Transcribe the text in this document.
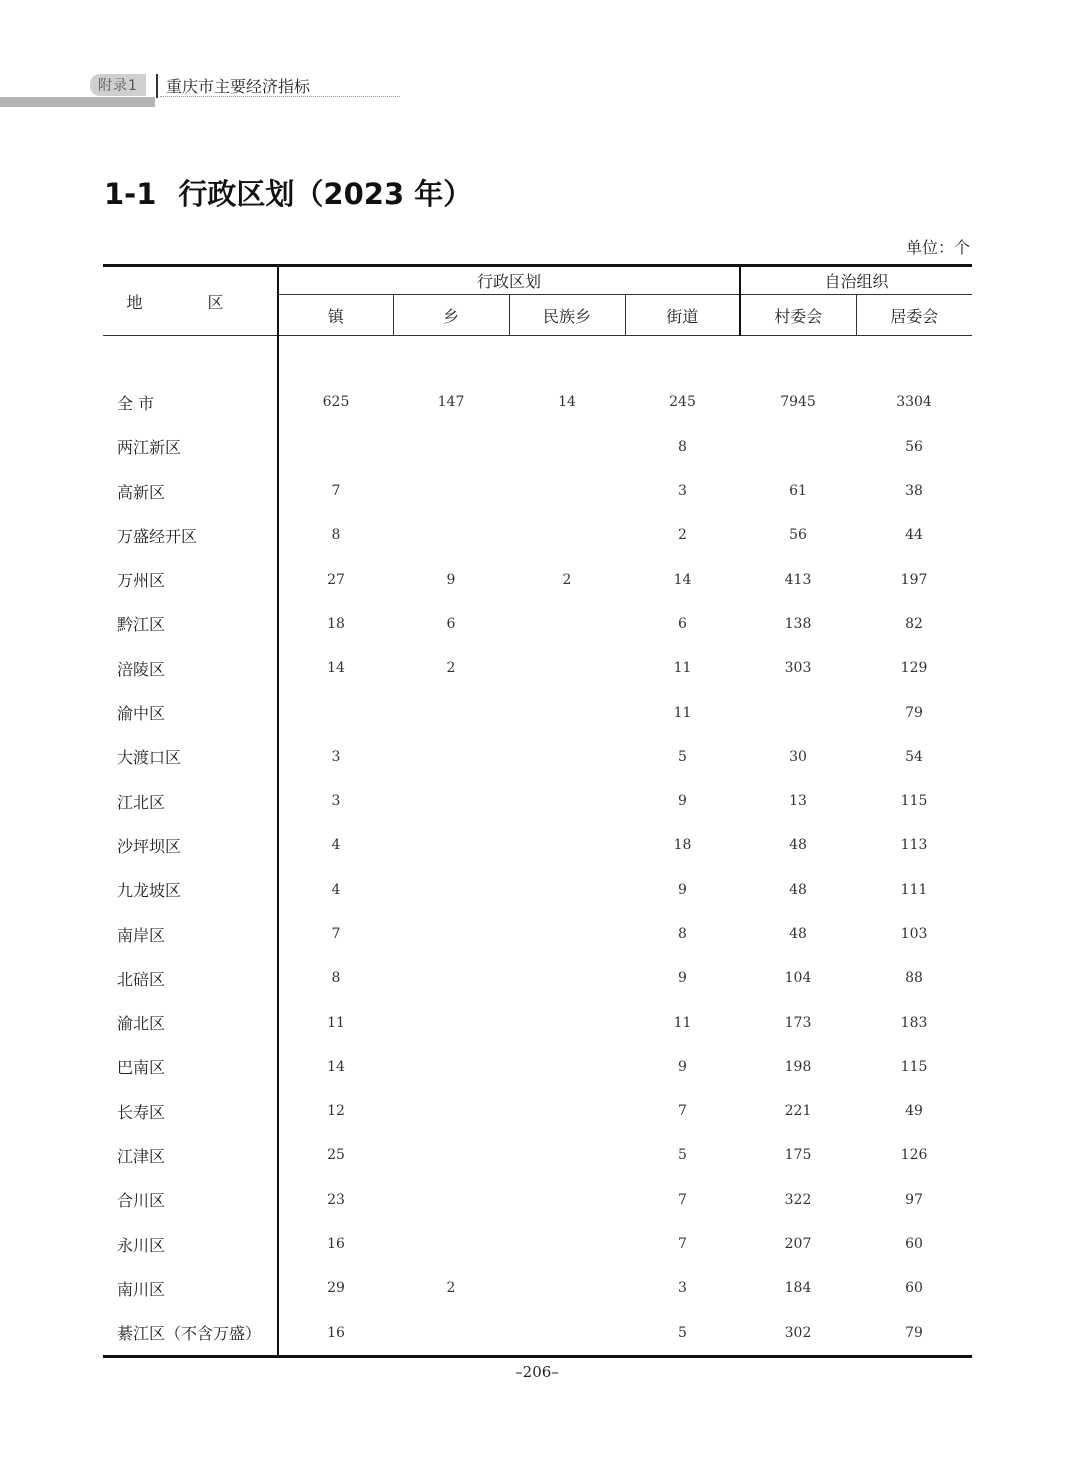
附录1	重庆市主要经济指标
1-1 行政区划（2023 年）
单位：个
地 区	行政区划				自治组织	
	镇	乡	民族乡	街道	村委会	居委会

全 市	625	147	14	245	7945	3304
两江新区				8		56
高新区	7			3	61	38
万盛经开区	8			2	56	44
万州区	27	9	2	14	413	197
黔江区	18	6		6	138	82
涪陵区	14	2		11	303	129
渝中区				11		79
大渡口区	3			5	30	54
江北区	3			9	13	115
沙坪坝区	4			18	48	113
九龙坡区	4			9	48	111
南岸区	7			8	48	103
北碚区	8			9	104	88
渝北区	11			11	173	183
巴南区	14			9	198	115
长寿区	12			7	221	49
江津区	25			5	175	126
合川区	23			7	322	97
永川区	16			7	207	60
南川区	29	2		3	184	60
綦江区（不含万盛）	16			5	302	79
–206–
